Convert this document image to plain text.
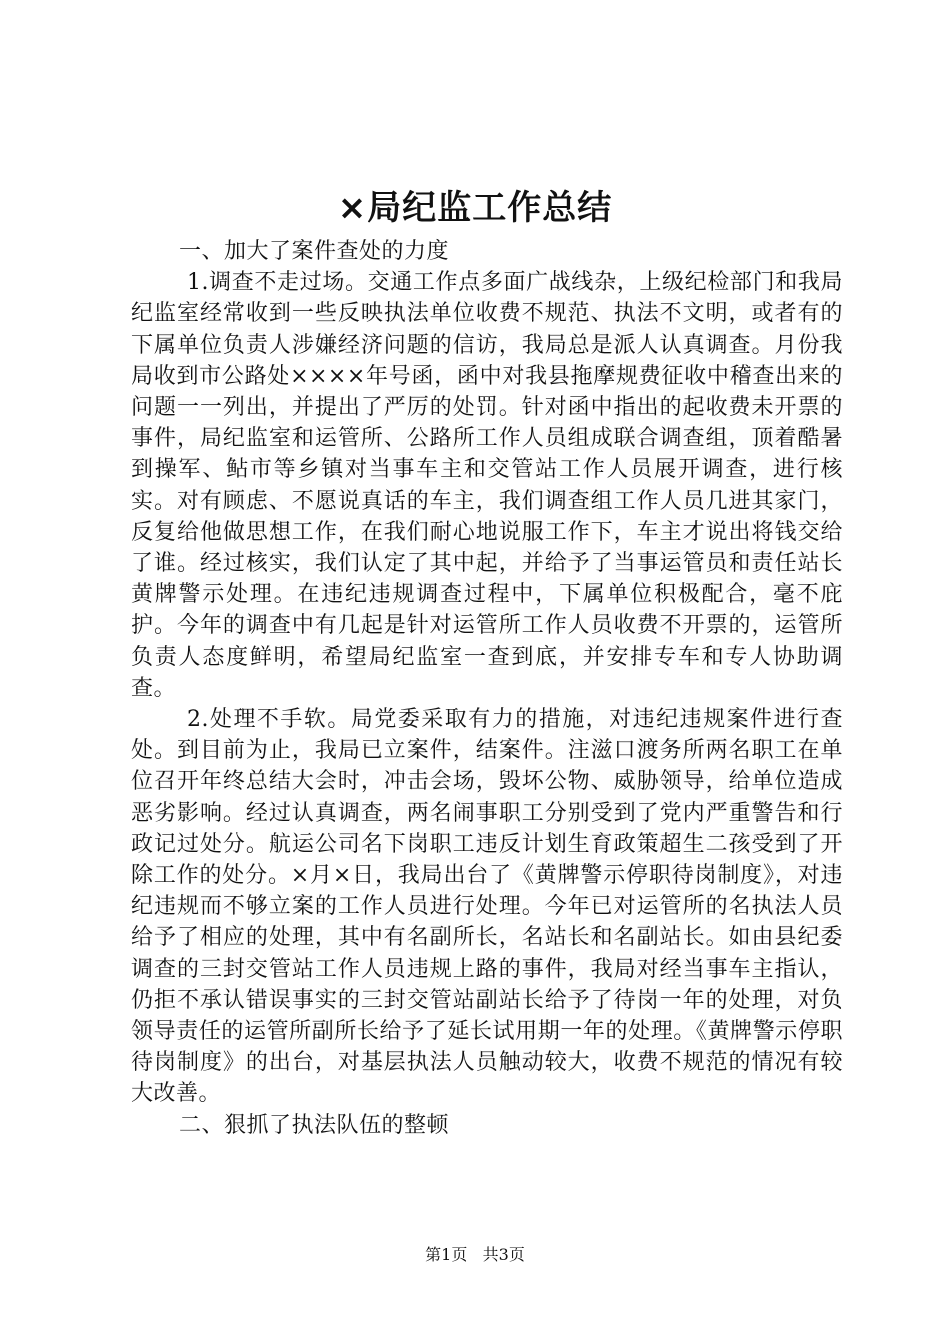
×局纪监工作总结

一、加大了案件查处的力度

1.调查不走过场。交通工作点多面广战线杂，上级纪检部门和我局纪监室经常收到一些反映执法单位收费不规范、执法不文明，或者有的下属单位负责人涉嫌经济问题的信访，我局总是派人认真调查。月份我局收到市公路处××××年号函，函中对我县拖摩规费征收中稽查出来的问题一一列出，并提出了严厉的处罚。针对函中指出的起收费未开票的事件，局纪监室和运管所、公路所工作人员组成联合调查组，顶着酷暑到操军、鲇市等乡镇对当事车主和交管站工作人员展开调查，进行核实。对有顾虑、不愿说真话的车主，我们调查组工作人员几进其家门，反复给他做思想工作，在我们耐心地说服工作下，车主才说出将钱交给了谁。经过核实，我们认定了其中起，并给予了当事运管员和责任站长黄牌警示处理。在违纪违规调查过程中，下属单位积极配合，毫不庇护。今年的调查中有几起是针对运管所工作人员收费不开票的，运管所负责人态度鲜明，希望局纪监室一查到底，并安排专车和专人协助调查。

2.处理不手软。局党委采取有力的措施，对违纪违规案件进行查处。到目前为止，我局已立案件，结案件。注滋口渡务所两名职工在单位召开年终总结大会时，冲击会场，毁坏公物、威胁领导，给单位造成恶劣影响。经过认真调查，两名闹事职工分别受到了党内严重警告和行政记过处分。航运公司名下岗职工违反计划生育政策超生二孩受到了开除工作的处分。×月×日，我局出台了《黄牌警示停职待岗制度》，对违纪违规而不够立案的工作人员进行处理。今年已对运管所的名执法人员给予了相应的处理，其中有名副所长，名站长和名副站长。如由县纪委调查的三封交管站工作人员违规上路的事件，我局对经当事车主指认，仍拒不承认错误事实的三封交管站副站长给予了待岗一年的处理，对负领导责任的运管所副所长给予了延长试用期一年的处理。《黄牌警示停职待岗制度》的出台，对基层执法人员触动较大，收费不规范的情况有较大改善。

二、狠抓了执法队伍的整顿

第1页 共3页
